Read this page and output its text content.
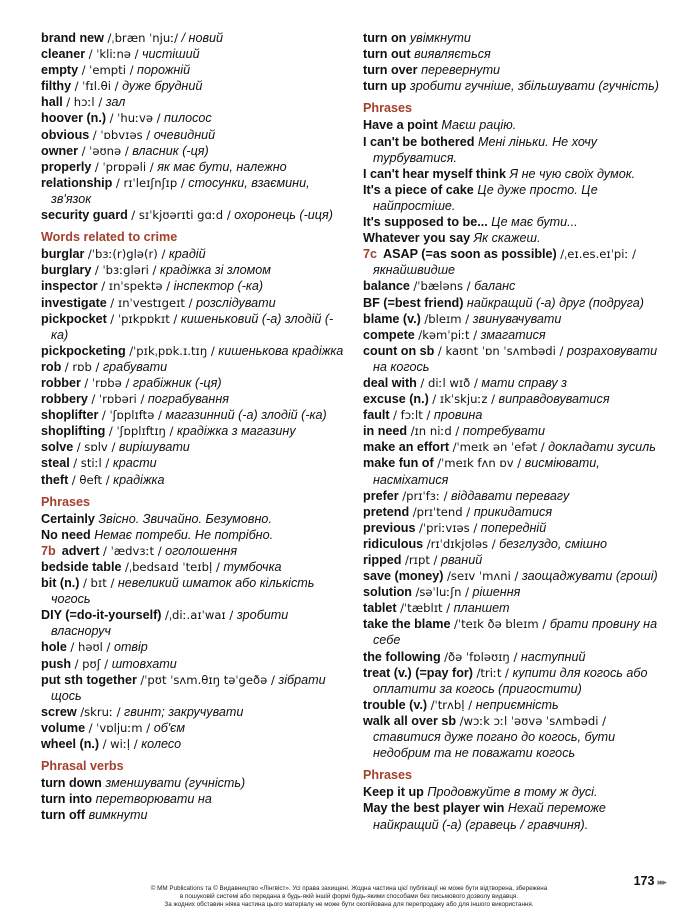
brand new /ˌbræn ˈnjuː/ / новий
cleaner / ˈkliːnə / чистіший
empty / ˈempti / порожній
filthy / ˈfɪl.θi / дуже брудний
hall / hɔːl / зал
hoover (n.) / ˈhuːvə / пилосос
obvious / ˈɒbvɪəs / очевидний
owner / ˈəʊnə / власник (-ця)
properly / ˈprɒpəli / як має бути, належно
relationship / rɪˈleɪʃnʃɪp / стосунки, взаємини, зв'язок
security guard / sɪˈkjʊərɪti gɑːd / охоронець (-иця)
Words related to crime
burglar /ˈbɜː(r)glə(r) / крадій
burglary / ˈbɜːgləri / крадіжка зі зломом
inspector / ɪnˈspektə / інспектор (-ка)
investigate / ɪnˈvestɪgeɪt / розслідувати
pickpocket / ˈpɪkpɒkɪt / кишеньковий (-а) злодій (-ка)
pickpocketing /ˈpɪkˌpɒk.ɪ.tɪŋ / кишенькова крадіжка
rob / rɒb / грабувати
robber / ˈrɒbə / грабіжник (-ця)
robbery / ˈrɒbəri / пограбування
shoplifter / ˈʃɒplɪftə / магазинний (-а) злодій (-ка)
shoplifting / ˈʃɒplɪftɪŋ / крадіжка з магазину
solve / sɒlv / вирішувати
steal / stiːl / красти
theft / θeft / крадіжка
Phrases
Certainly Звісно. Звичайно. Безумовно.
No need Немає потреби. Не потрібно.
7b advert / ˈædvɜːt / оголошення
bedside table /ˌbedsaɪd ˈteɪbḷ / тумбочка
bit (n.) / bɪt / невеликий шматок або кількість чогось
DIY (=do-it-yourself) /ˌdiː.aɪˈwaɪ / зробити власноруч
hole / həʊl / отвір
push / pʊʃ / штовхати
put sth together /ˈpʊt ˈsʌm.θɪŋ təˈgeðə / зібрати щось
screw /skruː / гвинт; закручувати
volume / ˈvɒljuːm / об'єм
wheel (n.) / wiːḷ / колесо
Phrasal verbs
turn down зменшувати (гучність)
turn into перетворювати на
turn off вимкнути
turn on увімкнути
turn out виявляється
turn over перевернути
turn up зробити гучніше, збільшувати (гучність)
Phrases
Have a point Маєш рацію.
I can't be bothered Мені ліньки. Не хочу турбуватися.
I can't hear myself think Я не чую своїх думок.
It's a piece of cake Це дуже просто. Це найпростіше.
It's supposed to be... Це має бути...
Whatever you say Як скажеш.
7c ASAP (=as soon as possible) /ˌeɪ.es.eɪˈpiː / якнайшвидше
balance /ˈbæləns / баланс
BF (=best friend) найкращий (-а) друг (подруга)
blame (v.) /bleɪm / звинувачувати
compete /kəmˈpiːt / змагатися
count on sb / kaʊnt ˈɒn ˈsʌmbədi / розраховувати на когось
deal with / diːl wɪð / мати справу з
excuse (n.) / ɪkˈskjuːz / виправдовуватися
fault / fɔːlt / провина
in need /ɪn niːd / потребувати
make an effort /ˈmeɪk ən ˈefət / докладати зусиль
make fun of /ˈmeɪk fʌn ɒv / висміювати, насміхатися
prefer /prɪˈfɜː / віддавати перевагу
pretend /prɪˈtend / прикидатися
previous /ˈpriːvɪəs / попередній
ridiculous /rɪˈdɪkjʊləs / безглуздо, смішно
ripped /rɪpt / рваний
save (money) /seɪv ˈmʌni / заощаджувати (гроші)
solution /səˈluːʃn / рішення
tablet /ˈtæblɪt / планшет
take the blame /ˈteɪk ðə bleɪm / брати провину на себе
the following /ðə ˈfɒləʊɪŋ / наступний
treat (v.) (=pay for) /triːt / купити для когось або оплатити за когось (пригостити)
trouble (v.) /ˈtrʌbḷ / неприємність
walk all over sb /wɔːk ɔːl ˈəʊvə ˈsʌmbədi / ставитися дуже погано до когось, бути недобрим та не поважати когось
Phrases
Keep it up Продовжуйте в тому ж дусі.
May the best player win Нехай переможе найкращий (-а) (гравець / гравчиня).
173 ▸▸▸
© MM Publications та © Видавництво «Лінгвіст». Усі права захищені. Жодна частина цієї публікації не може бути відтворена, збережена
в пошуковій системі або передана в будь-якій іншій формі будь-якими способами без письмового дозволу видавця.
За жодних обставин ніяка частина цього матеріалу не може бути скопійована для перепродажу або для іншого використання.
